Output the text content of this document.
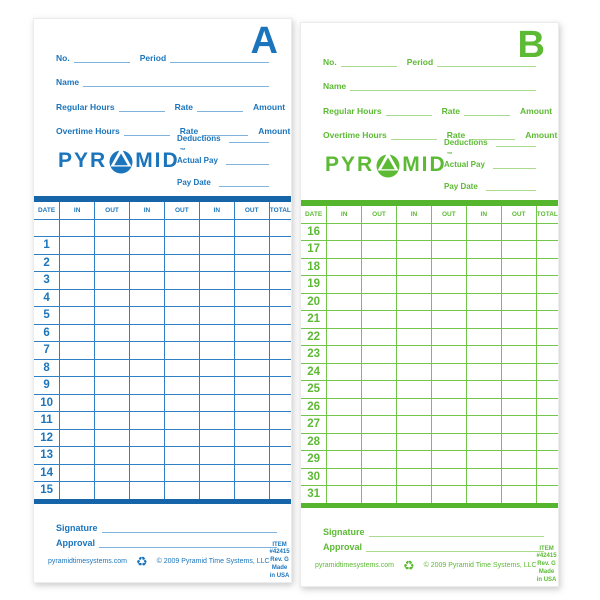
A
No.	Period
Name
Regular Hours	Rate	Amount
Overtime Hours	Rate	Amount
PYR MID ™
Deductions
Actual Pay
Pay Date
DATE	IN	OUT	IN	OUT	IN	OUT	TOTAL

1							
2							
3							
4							
5							
6							
7							
8							
9							
10							
11							
12							
13							
14							
15							
Signature
Approval
pyramidtimesystems.com ♻ © 2009 Pyramid Time Systems, LLC
ITEM
#42415 Rev. G
Made in USA
B
No.	Period
Name
Regular Hours	Rate	Amount
Overtime Hours	Rate	Amount
PYR MID ™
Deductions
Actual Pay
Pay Date
DATE	IN	OUT	IN	OUT	IN	OUT	TOTAL
16							
17							
18							
19							
20							
21							
22							
23							
24							
25							
26							
27							
28							
29							
30							
31							
Signature
Approval
pyramidtimesystems.com ♻ © 2009 Pyramid Time Systems, LLC
ITEM
#42415 Rev. G
Made in USA
